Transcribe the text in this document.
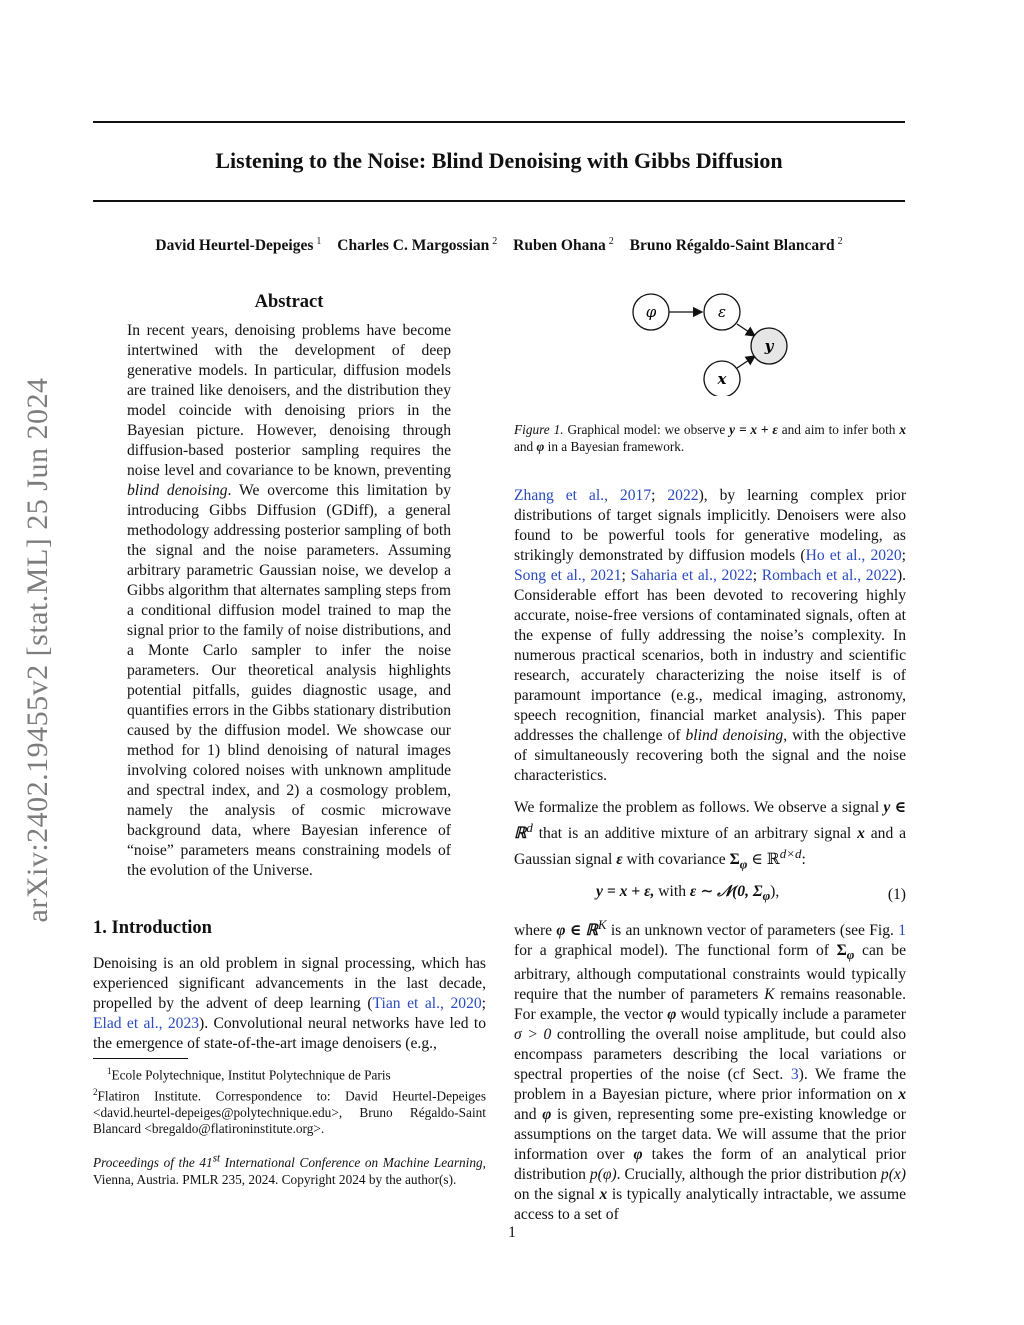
Listening to the Noise: Blind Denoising with Gibbs Diffusion
David Heurtel-Depeiges $^1$ Charles C. Margossian $^2$ Ruben Ohana $^2$ Bruno Régaldo-Saint Blancard $^2$
arXiv:2402.19455v2 [stat.ML] 25 Jun 2024
Abstract
In recent years, denoising problems have become intertwined with the development of deep generative models. In particular, diffusion models are trained like denoisers, and the distribution they model coincide with denoising priors in the Bayesian picture. However, denoising through diffusion-based posterior sampling requires the noise level and covariance to be known, preventing blind denoising. We overcome this limitation by introducing Gibbs Diffusion (GDiff), a general methodology addressing posterior sampling of both the signal and the noise parameters. Assuming arbitrary parametric Gaussian noise, we develop a Gibbs algorithm that alternates sampling steps from a conditional diffusion model trained to map the signal prior to the family of noise distributions, and a Monte Carlo sampler to infer the noise parameters. Our theoretical analysis highlights potential pitfalls, guides diagnostic usage, and quantifies errors in the Gibbs stationary distribution caused by the diffusion model. We showcase our method for 1) blind denoising of natural images involving colored noises with unknown amplitude and spectral index, and 2) a cosmology problem, namely the analysis of cosmic microwave background data, where Bayesian inference of “noise” parameters means constraining models of the evolution of the Universe.
1. Introduction
Denoising is an old problem in signal processing, which has experienced significant advancements in the last decade, propelled by the advent of deep learning (Tian et al., 2020; Elad et al., 2023). Convolutional neural networks have led to the emergence of state-of-the-art image denoisers (e.g.,

$^1$Ecole Polytechnique, Institut Polytechnique de Paris

$^2$Flatiron Institute. Correspondence to: David Heurtel-Depeiges <david.heurtel-depeiges@polytechnique.edu>, Bruno Régaldo-Saint Blancard <bregaldo@flatironinstitute.org>.

Proceedings of the 41st International Conference on Machine Learning, Vienna, Austria. PMLR 235, 2024. Copyright 2024 by the author(s).
φ	ε
y
x
Figure 1. Graphical model: we observe y = x + ε and aim to infer both x and φ in a Bayesian framework.

Zhang et al., 2017; 2022), by learning complex prior distributions of target signals implicitly. Denoisers were also found to be powerful tools for generative modeling, as strikingly demonstrated by diffusion models (Ho et al., 2020; Song et al., 2021; Saharia et al., 2022; Rombach et al., 2022). Considerable effort has been devoted to recovering highly accurate, noise-free versions of contaminated signals, often at the expense of fully addressing the noise’s complexity. In numerous practical scenarios, both in industry and scientific research, accurately characterizing the noise itself is of paramount importance (e.g., medical imaging, astronomy, speech recognition, financial market analysis). This paper addresses the challenge of blind denoising, with the objective of simultaneously recovering both the signal and the noise characteristics.

We formalize the problem as follows. We observe a signal y ∈ ℝ$^d$ that is an additive mixture of an arbitrary signal x and a Gaussian signal ε with covariance $\Sigma_\varphi$ ∈ ℝ$^{d\times d}$:

y = x + ε, with ε ∼ 𝒩(0, $\Sigma_\varphi$),	(1)

where φ ∈ ℝ$^K$ is an unknown vector of parameters (see Fig. 1 for a graphical model). The functional form of $\Sigma_\varphi$ can be arbitrary, although computational constraints would typically require that the number of parameters K remains reasonable. For example, the vector φ would typically include a parameter σ > 0 controlling the overall noise amplitude, but could also encompass parameters describing the local variations or spectral properties of the noise (cf Sect. 3). We frame the problem in a Bayesian picture, where prior information on x and φ is given, representing some pre-existing knowledge or assumptions on the target data. We will assume that the prior information over φ takes the form of an analytical prior distribution p(φ). Crucially, although the prior distribution p(x) on the signal x is typically analytically intractable, we assume access to a set of

1
